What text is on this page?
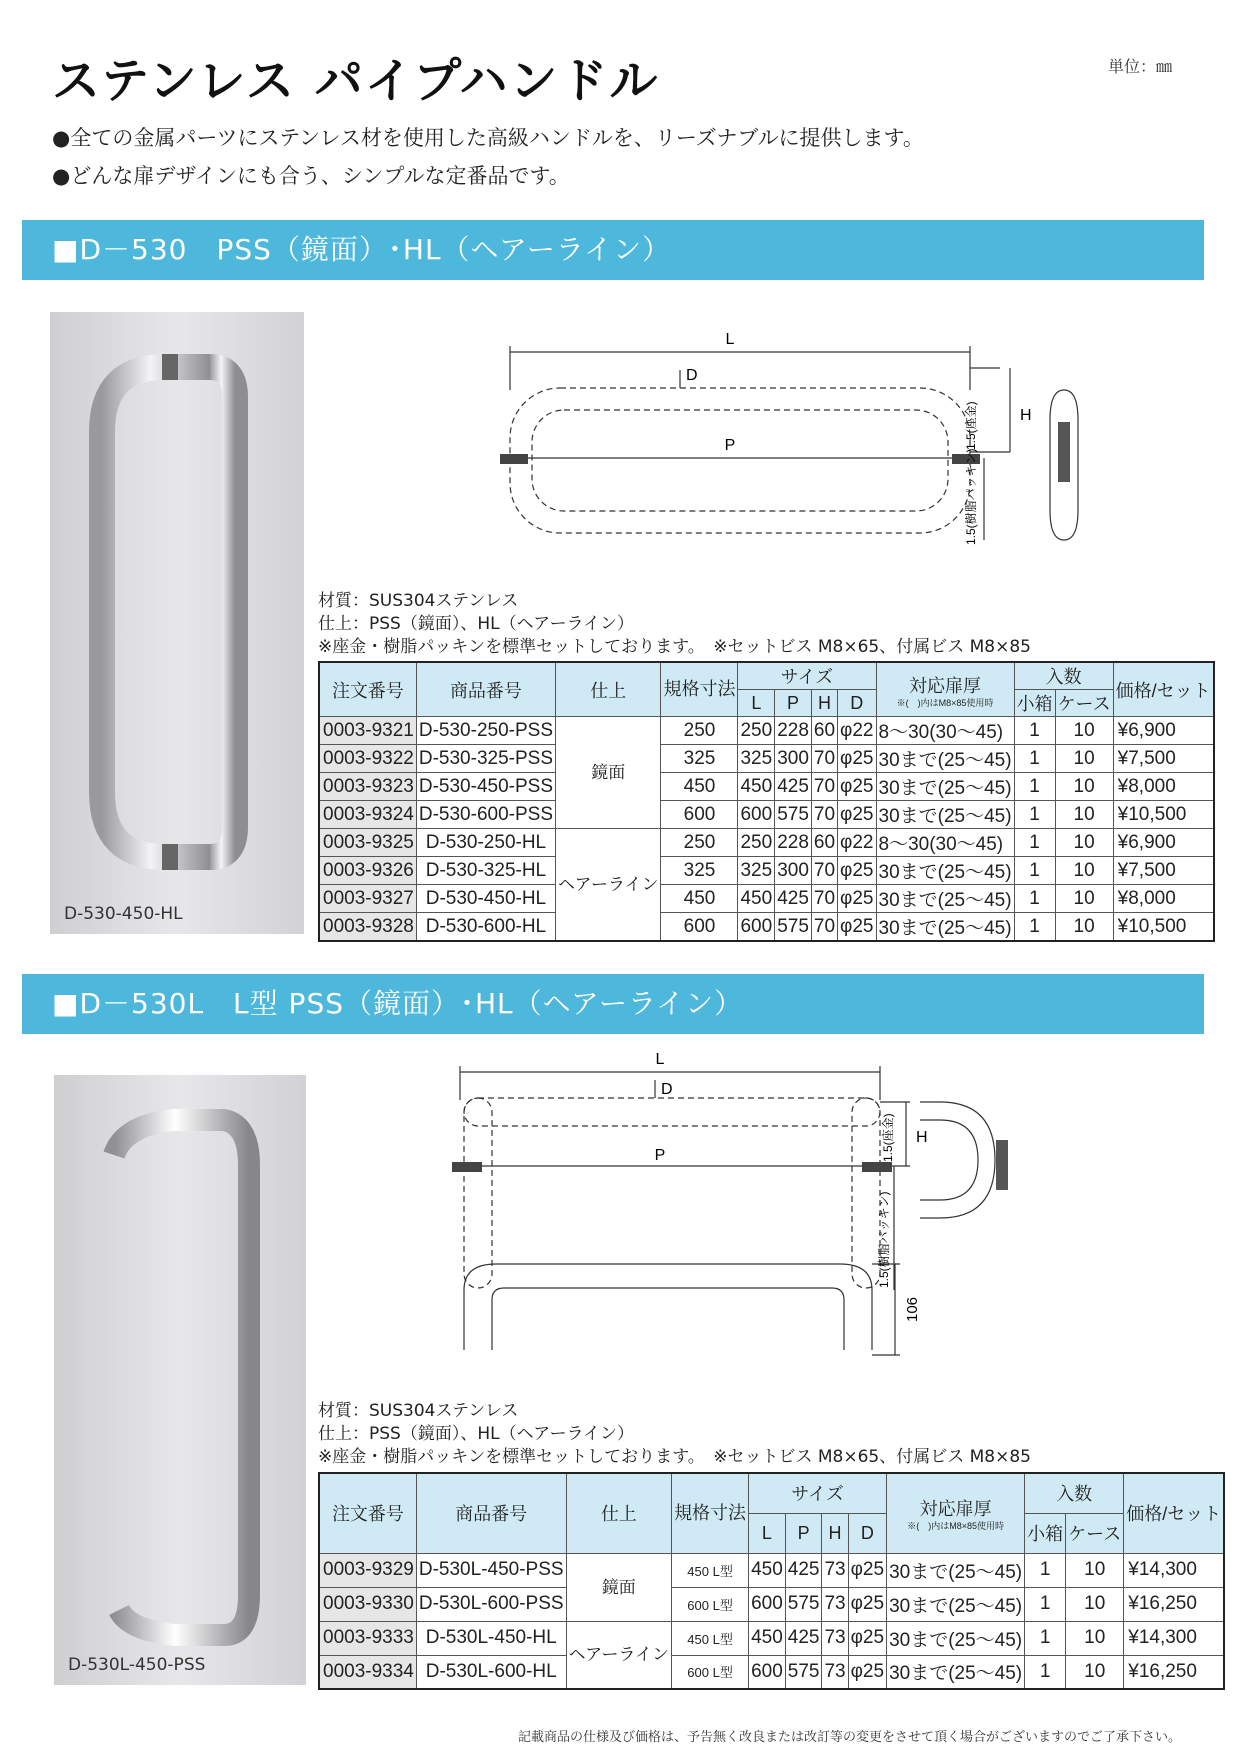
ステンレス パイプハンドル	単位：㎜
●全ての金属パーツにステンレス材を使用した高級ハンドルを、リーズナブルに提供します。
●どんな扉デザインにも合う、シンプルな定番品です。
■D－530　PSS（鏡面）･HL（ヘアーライン）
D-530-450-HL
L
D
P
H
1.5(座金)
1.5(樹脂パッキン)
材質：SUS304ステンレス
仕上：PSS（鏡面）、HL（ヘアーライン）
※座金・樹脂パッキンを標準セットしております。　※セットビス M8×65、付属ビス M8×85
注文番号	商品番号	仕上	規格寸法	サイズ				対応扉厚
※(　)内はM8×85使用時	入数		価格/セット
				L	P	H	D		小箱	ケース	
0003-9321	D-530-250-PSS	鏡面	250	250	228	60	φ22	8～30(30～45)	1	10	¥6,900
0003-9322	D-530-325-PSS		325	325	300	70	φ25	30まで(25～45)	1	10	¥7,500
0003-9323	D-530-450-PSS		450	450	425	70	φ25	30まで(25～45)	1	10	¥8,000
0003-9324	D-530-600-PSS		600	600	575	70	φ25	30まで(25～45)	1	10	¥10,500
0003-9325	D-530-250-HL	ヘアーライン	250	250	228	60	φ22	8～30(30～45)	1	10	¥6,900
0003-9326	D-530-325-HL		325	325	300	70	φ25	30まで(25～45)	1	10	¥7,500
0003-9327	D-530-450-HL		450	450	425	70	φ25	30まで(25～45)	1	10	¥8,000
0003-9328	D-530-600-HL		600	600	575	70	φ25	30まで(25～45)	1	10	¥10,500
■D－530L　L型 PSS（鏡面）･HL（ヘアーライン）
D-530L-450-PSS
L
D
P
H
1.5(座金)
1.5(樹脂パッキン)
106
材質：SUS304ステンレス
仕上：PSS（鏡面）、HL（ヘアーライン）
※座金・樹脂パッキンを標準セットしております。　※セットビス M8×65、付属ビス M8×85
注文番号	商品番号	仕上	規格寸法	サイズ				対応扉厚
※(　)内はM8×85使用時	入数		価格/セット
				L	P	H	D		小箱	ケース	
0003-9329	D-530L-450-PSS	鏡面	450 L型	450	425	73	φ25	30まで(25～45)	1	10	¥14,300
0003-9330	D-530L-600-PSS		600 L型	600	575	73	φ25	30まで(25～45)	1	10	¥16,250
0003-9333	D-530L-450-HL	ヘアーライン	450 L型	450	425	73	φ25	30まで(25～45)	1	10	¥14,300
0003-9334	D-530L-600-HL		600 L型	600	575	73	φ25	30まで(25～45)	1	10	¥16,250
記載商品の仕様及び価格は、予告無く改良または改訂等の変更をさせて頂く場合がございますのでご了承下さい。
